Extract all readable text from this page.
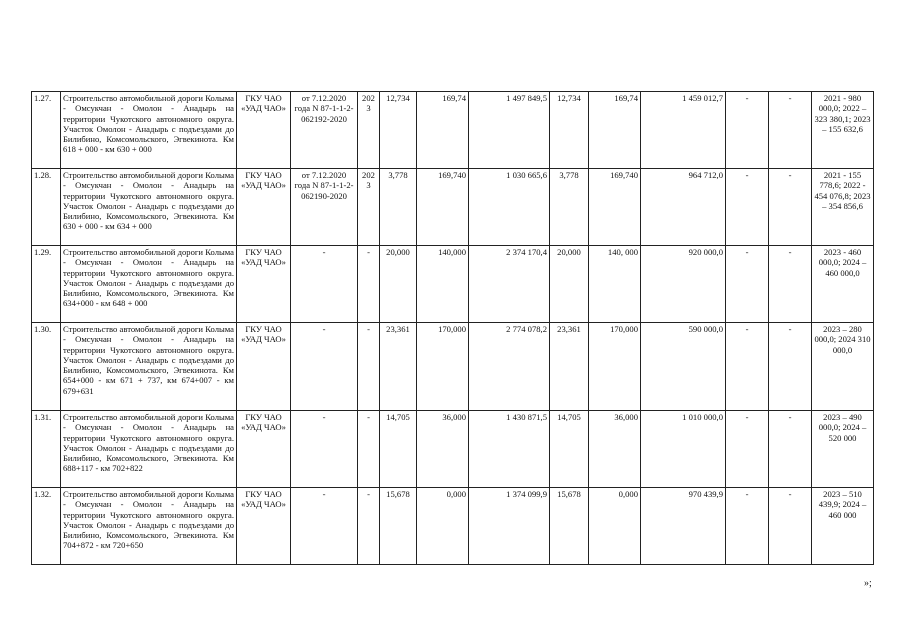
1.27.	Строительство автомобильной дороги Колыма - Омсукчан - Омолон - Анадырь на территории Чукотского автономного округа. Участок Омолон - Анадырь с подъездами до Билибино, Комсомольского, Эгвекинота. Км 618 + 000 - км 630 + 000	ГКУ ЧАО «УАД ЧАО»	от 7.12.2020 года N 87-1-1-2-062192-2020	2023	12,734	169,74	1 497 849,5	12,734	169,74	1 459 012,7	-	-	2021 - 980 000,0; 2022 – 323 380,1; 2023 – 155 632,6
1.28.	Строительство автомобильной дороги Колыма - Омсукчан - Омолон - Анадырь на территории Чукотского автономного округа. Участок Омолон - Анадырь с подъездами до Билибино, Комсомольского, Эгвекинота. Км 630 + 000 - км 634 + 000	ГКУ ЧАО «УАД ЧАО»	от 7.12.2020 года N 87-1-1-2-062190-2020	2023	3,778	169,740	1 030 665,6	3,778	169,740	964 712,0	-	-	2021 - 155 778,6; 2022 - 454 076,8; 2023 – 354 856,6
1.29.	Строительство автомобильной дороги Колыма - Омсукчан - Омолон - Анадырь на территории Чукотского автономного округа. Участок Омолон - Анадырь с подъездами до Билибино, Комсомольского, Эгвекинота. Км 634+000 - км 648 + 000	ГКУ ЧАО «УАД ЧАО»	-	-	20,000	140,000	2 374 170,4	20,000	140, 000	920 000,0	-	-	2023 - 460 000,0; 2024 – 460 000,0
1.30.	Строительство автомобильной дороги Колыма - Омсукчан - Омолон - Анадырь на территории Чукотского автономного округа. Участок Омолон - Анадырь с подъездами до Билибино, Комсомольского, Эгвекинота. Км 654+000 - км 671 + 737, км 674+007 - км 679+631	ГКУ ЧАО «УАД ЧАО»	-	-	23,361	170,000	2 774 078,2	23,361	170,000	590 000,0	-	-	2023 – 280 000,0; 2024 310 000,0
1.31.	Строительство автомобильной дороги Колыма - Омсукчан - Омолон - Анадырь на территории Чукотского автономного округа. Участок Омолон - Анадырь с подъездами до Билибино, Комсомольского, Эгвекинота. Км 688+117 - км 702+822	ГКУ ЧАО «УАД ЧАО»	-	-	14,705	36,000	1 430 871,5	14,705	36,000	1 010 000,0	-	-	2023 – 490 000,0; 2024 – 520 000
1.32.	Строительство автомобильной дороги Колыма - Омсукчан - Омолон - Анадырь на территории Чукотского автономного округа. Участок Омолон - Анадырь с подъездами до Билибино, Комсомольского, Эгвекинота. Км 704+872 - км 720+650	ГКУ ЧАО «УАД ЧАО»	-	-	15,678	0,000	1 374 099,9	15,678	0,000	970 439,9	-	-	2023 – 510 439,9; 2024 – 460 000
»;
